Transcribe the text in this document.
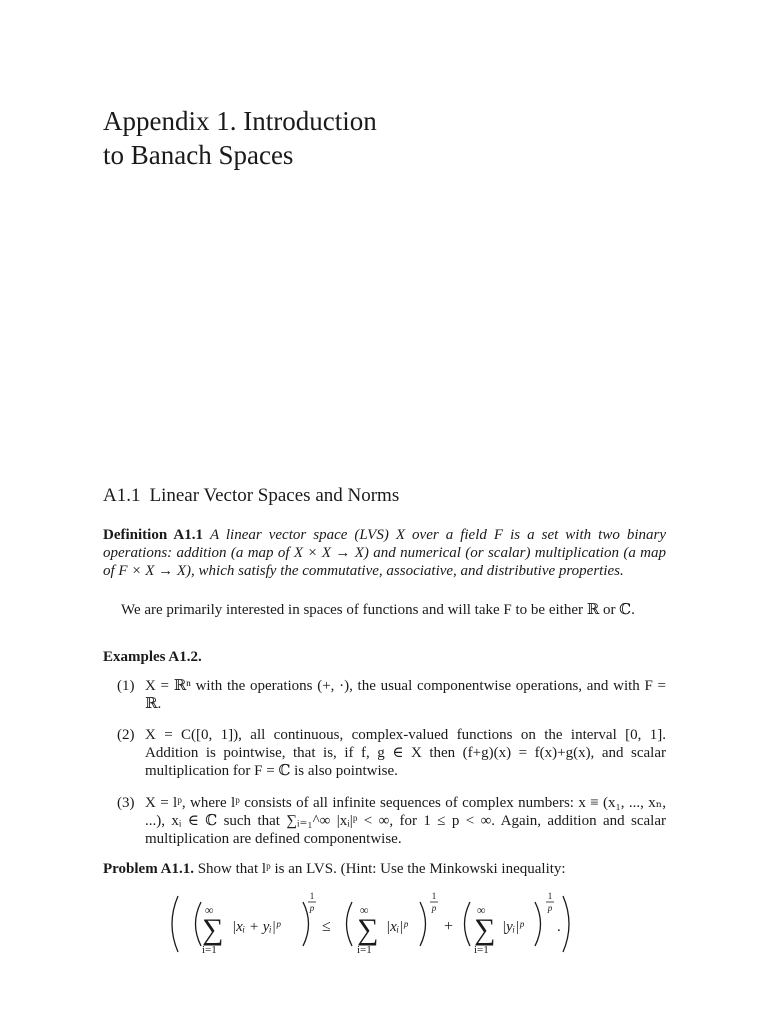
Appendix 1. Introduction
to Banach Spaces
A1.1 Linear Vector Spaces and Norms

Definition A1.1 A linear vector space (LVS) X over a field F is a set with two binary operations: addition (a map of X × X → X) and numerical (or scalar) multiplication (a map of F × X → X), which satisfy the commutative, associative, and distributive properties.

We are primarily interested in spaces of functions and will take F to be either ℝ or ℂ.

Examples A1.2.

(1) X = ℝⁿ with the operations (+, ·), the usual componentwise operations, and with F = ℝ.
(2) X = C([0, 1]), all continuous, complex-valued functions on the interval [0, 1]. Addition is pointwise, that is, if f, g ∈ X then (f+g)(x) = f(x)+g(x), and scalar multiplication for F = ℂ is also pointwise.
(3) X = lᵖ, where lᵖ consists of all infinite sequences of complex numbers: x ≡ (x₁, ..., xₙ, ...), xᵢ ∈ ℂ such that ∑ᵢ₌₁^∞ |xᵢ|ᵖ < ∞, for 1 ≤ p < ∞. Again, addition and scalar multiplication are defined componentwise.

Problem A1.1. Show that lᵖ is an LVS. (Hint: Use the Minkowski inequality:

∞
∑
i=1
|xᵢ + yᵢ|ᵖ
1
p
≤
∞
∑
i=1
|xᵢ|ᵖ
1
p
+
∞
∑
i=1
|yᵢ|ᵖ
1
p
.
